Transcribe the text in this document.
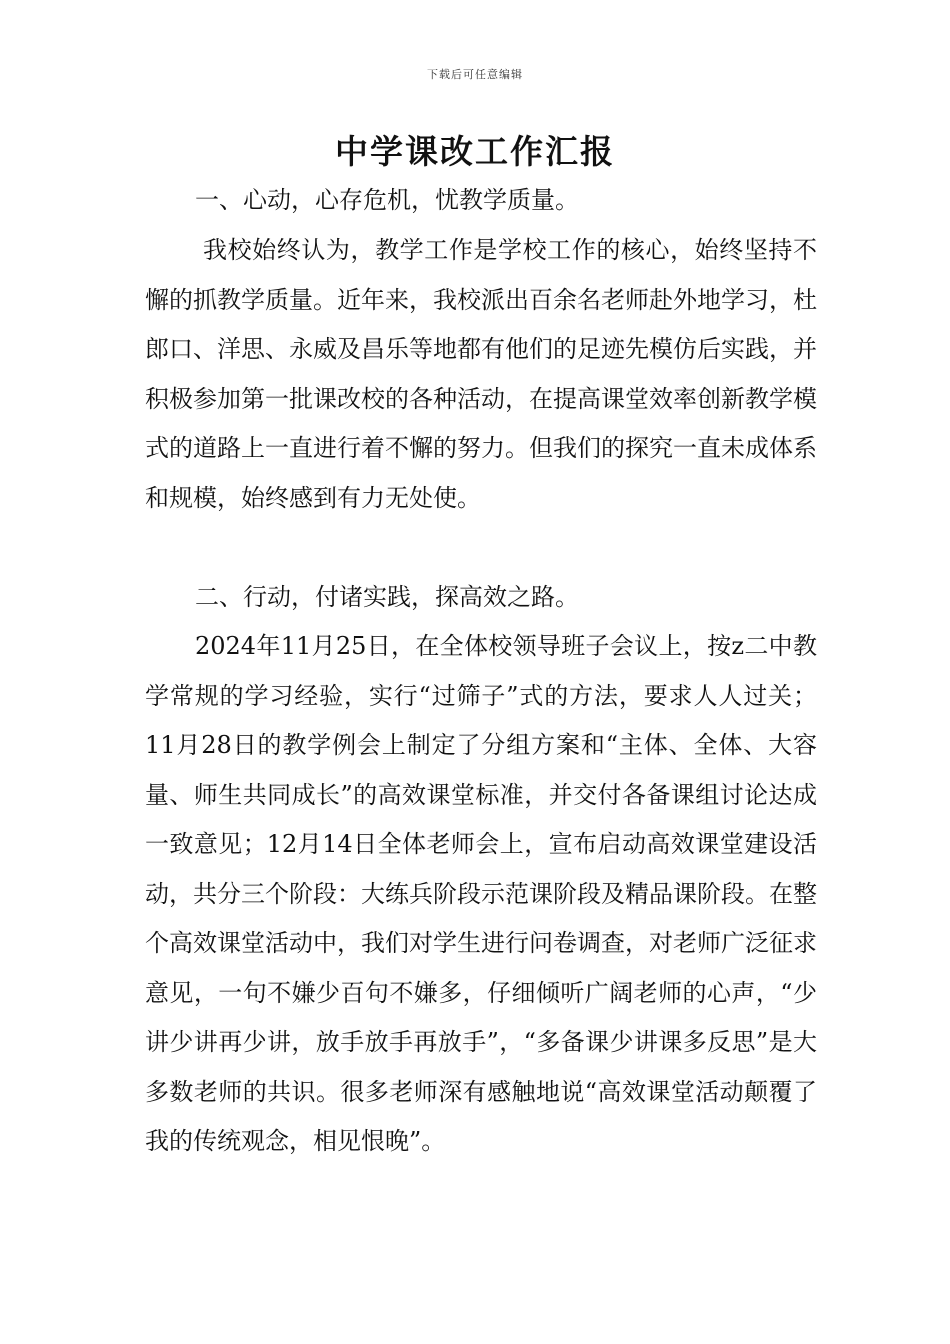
下载后可任意编辑
中学课改工作汇报

一、心动，心存危机，忧教学质量。

我校始终认为，教学工作是学校工作的核心，始终坚持不懈的抓教学质量。近年来，我校派出百余名老师赴外地学习，杜郎口、洋思、永威及昌乐等地都有他们的足迹先模仿后实践，并积极参加第一批课改校的各种活动，在提高课堂效率创新教学模式的道路上一直进行着不懈的努力。但我们的探究一直未成体系和规模，始终感到有力无处使。

二、行动，付诸实践，探高效之路。

2024年11月25日，在全体校领导班子会议上，按z二中教学常规的学习经验，实行“过筛子”式的方法，要求人人过关；11月28日的教学例会上制定了分组方案和“主体、全体、大容量、师生共同成长”的高效课堂标准，并交付各备课组讨论达成一致意见；12月14日全体老师会上，宣布启动高效课堂建设活动，共分三个阶段：大练兵阶段示范课阶段及精品课阶段。在整个高效课堂活动中，我们对学生进行问卷调查，对老师广泛征求意见，一句不嫌少百句不嫌多，仔细倾听广阔老师的心声，“少讲少讲再少讲，放手放手再放手”，“多备课少讲课多反思”是大多数老师的共识。很多老师深有感触地说“高效课堂活动颠覆了我的传统观念，相见恨晚”。
